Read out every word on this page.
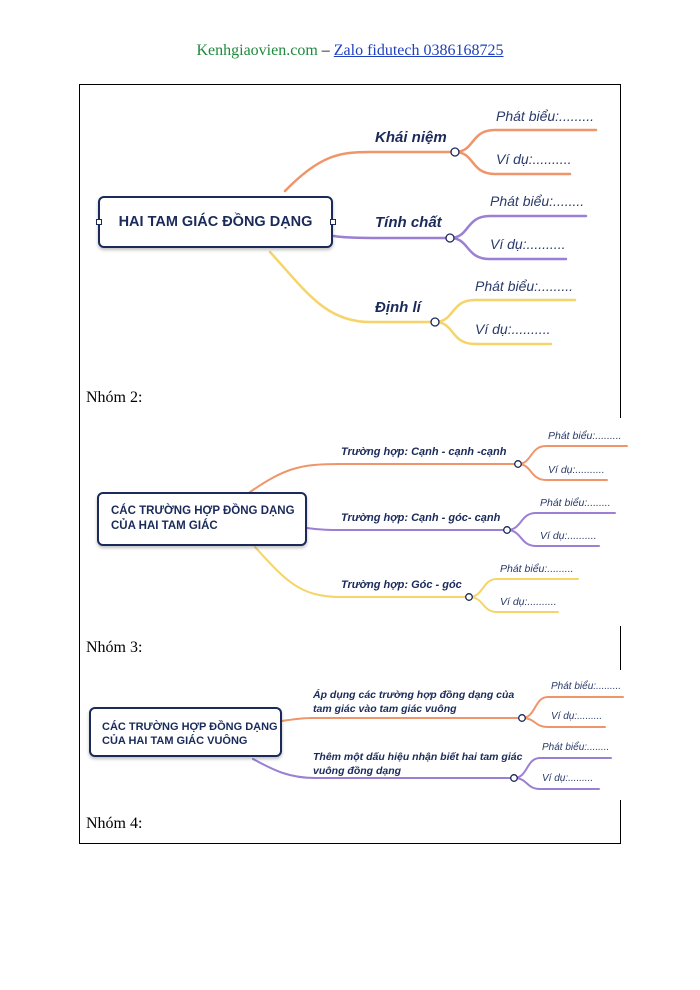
Kenhgiaovien.com – Zalo fidutech 0386168725
HAI TAM GIÁC ĐỒNG DẠNG
Khái niệm
Phát biểu:.........
Ví dụ:..........
Tính chất
Phát biểu:........
Ví dụ:..........
Định lí
Phát biểu:.........
Ví dụ:..........
Nhóm 2:
CÁC TRƯỜNG HỢP ĐỒNG DẠNG
CỦA HAI TAM GIÁC
Trường hợp: Cạnh - cạnh -cạnh
Phát biểu:.........
Ví dụ:..........
Trường hợp: Cạnh - góc- cạnh
Phát biểu:........
Ví dụ:..........
Trường hợp: Góc - góc
Phát biểu:.........
Ví dụ:..........
Nhóm 3:
CÁC TRƯỜNG HỢP ĐỒNG DẠNG
CỦA HAI TAM GIÁC VUÔNG
Áp dụng các trường hợp đồng dạng của tam giác vào tam giác vuông
Phát biểu:.........
Ví dụ:.........
Thêm một dấu hiệu nhận biết hai tam giác vuông đồng dạng
Phát biểu:........
Ví dụ:.........
Nhóm 4:
